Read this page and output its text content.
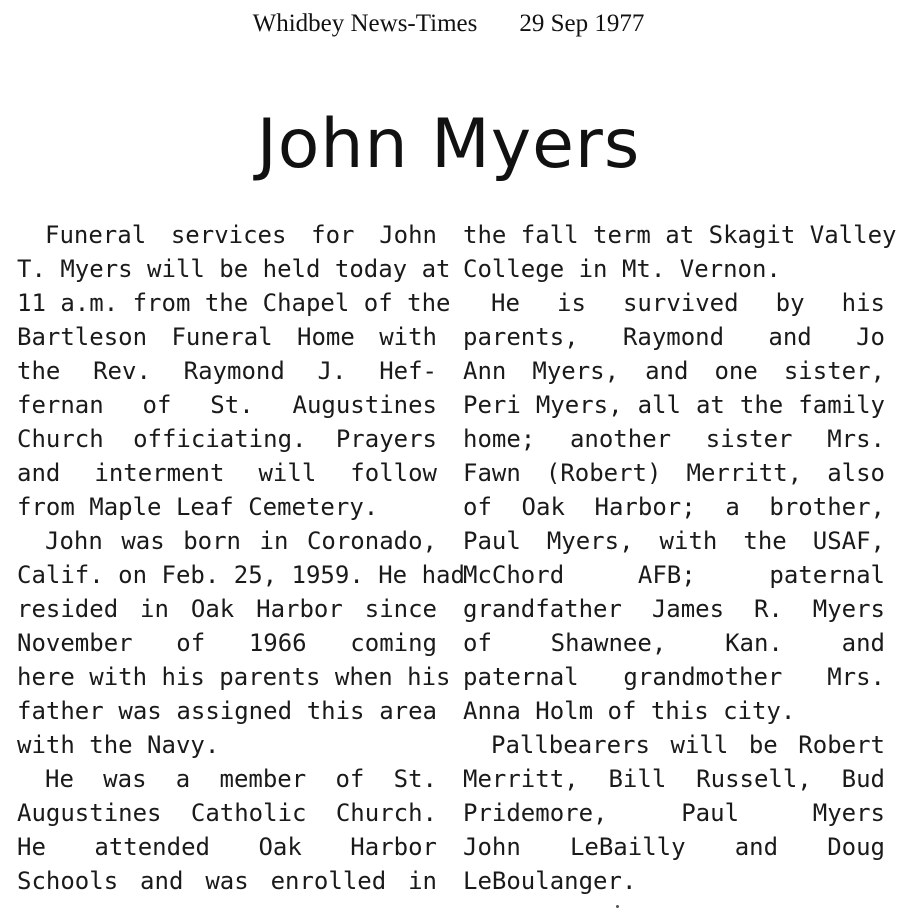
Whidbey News-Times 29 Sep 1977
John Myers
Funeral services for John
T. Myers will be held today at
11 a.m. from the Chapel of the
Bartleson Funeral Home with
the Rev. Raymond J. Hef-
fernan of St. Augustines
Church officiating. Prayers
and interment will follow
from Maple Leaf Cemetery.
John was born in Coronado,
Calif. on Feb. 25, 1959. He had
resided in Oak Harbor since
November of 1966 coming
here with his parents when his
father was assigned this area
with the Navy.
He was a member of St.
Augustines Catholic Church.
He attended Oak Harbor
Schools and was enrolled in
the fall term at Skagit Valley
College in Mt. Vernon.
He is survived by his
parents, Raymond and Jo
Ann Myers, and one sister,
Peri Myers, all at the family
home; another sister Mrs.
Fawn (Robert) Merritt, also
of Oak Harbor; a brother,
Paul Myers, with the USAF,
McChord AFB; paternal
grandfather James R. Myers
of Shawnee, Kan. and
paternal grandmother Mrs.
Anna Holm of this city.
Pallbearers will be Robert
Merritt, Bill Russell, Bud
Pridemore, Paul Myers
John LeBailly and Doug
LeBoulanger.
